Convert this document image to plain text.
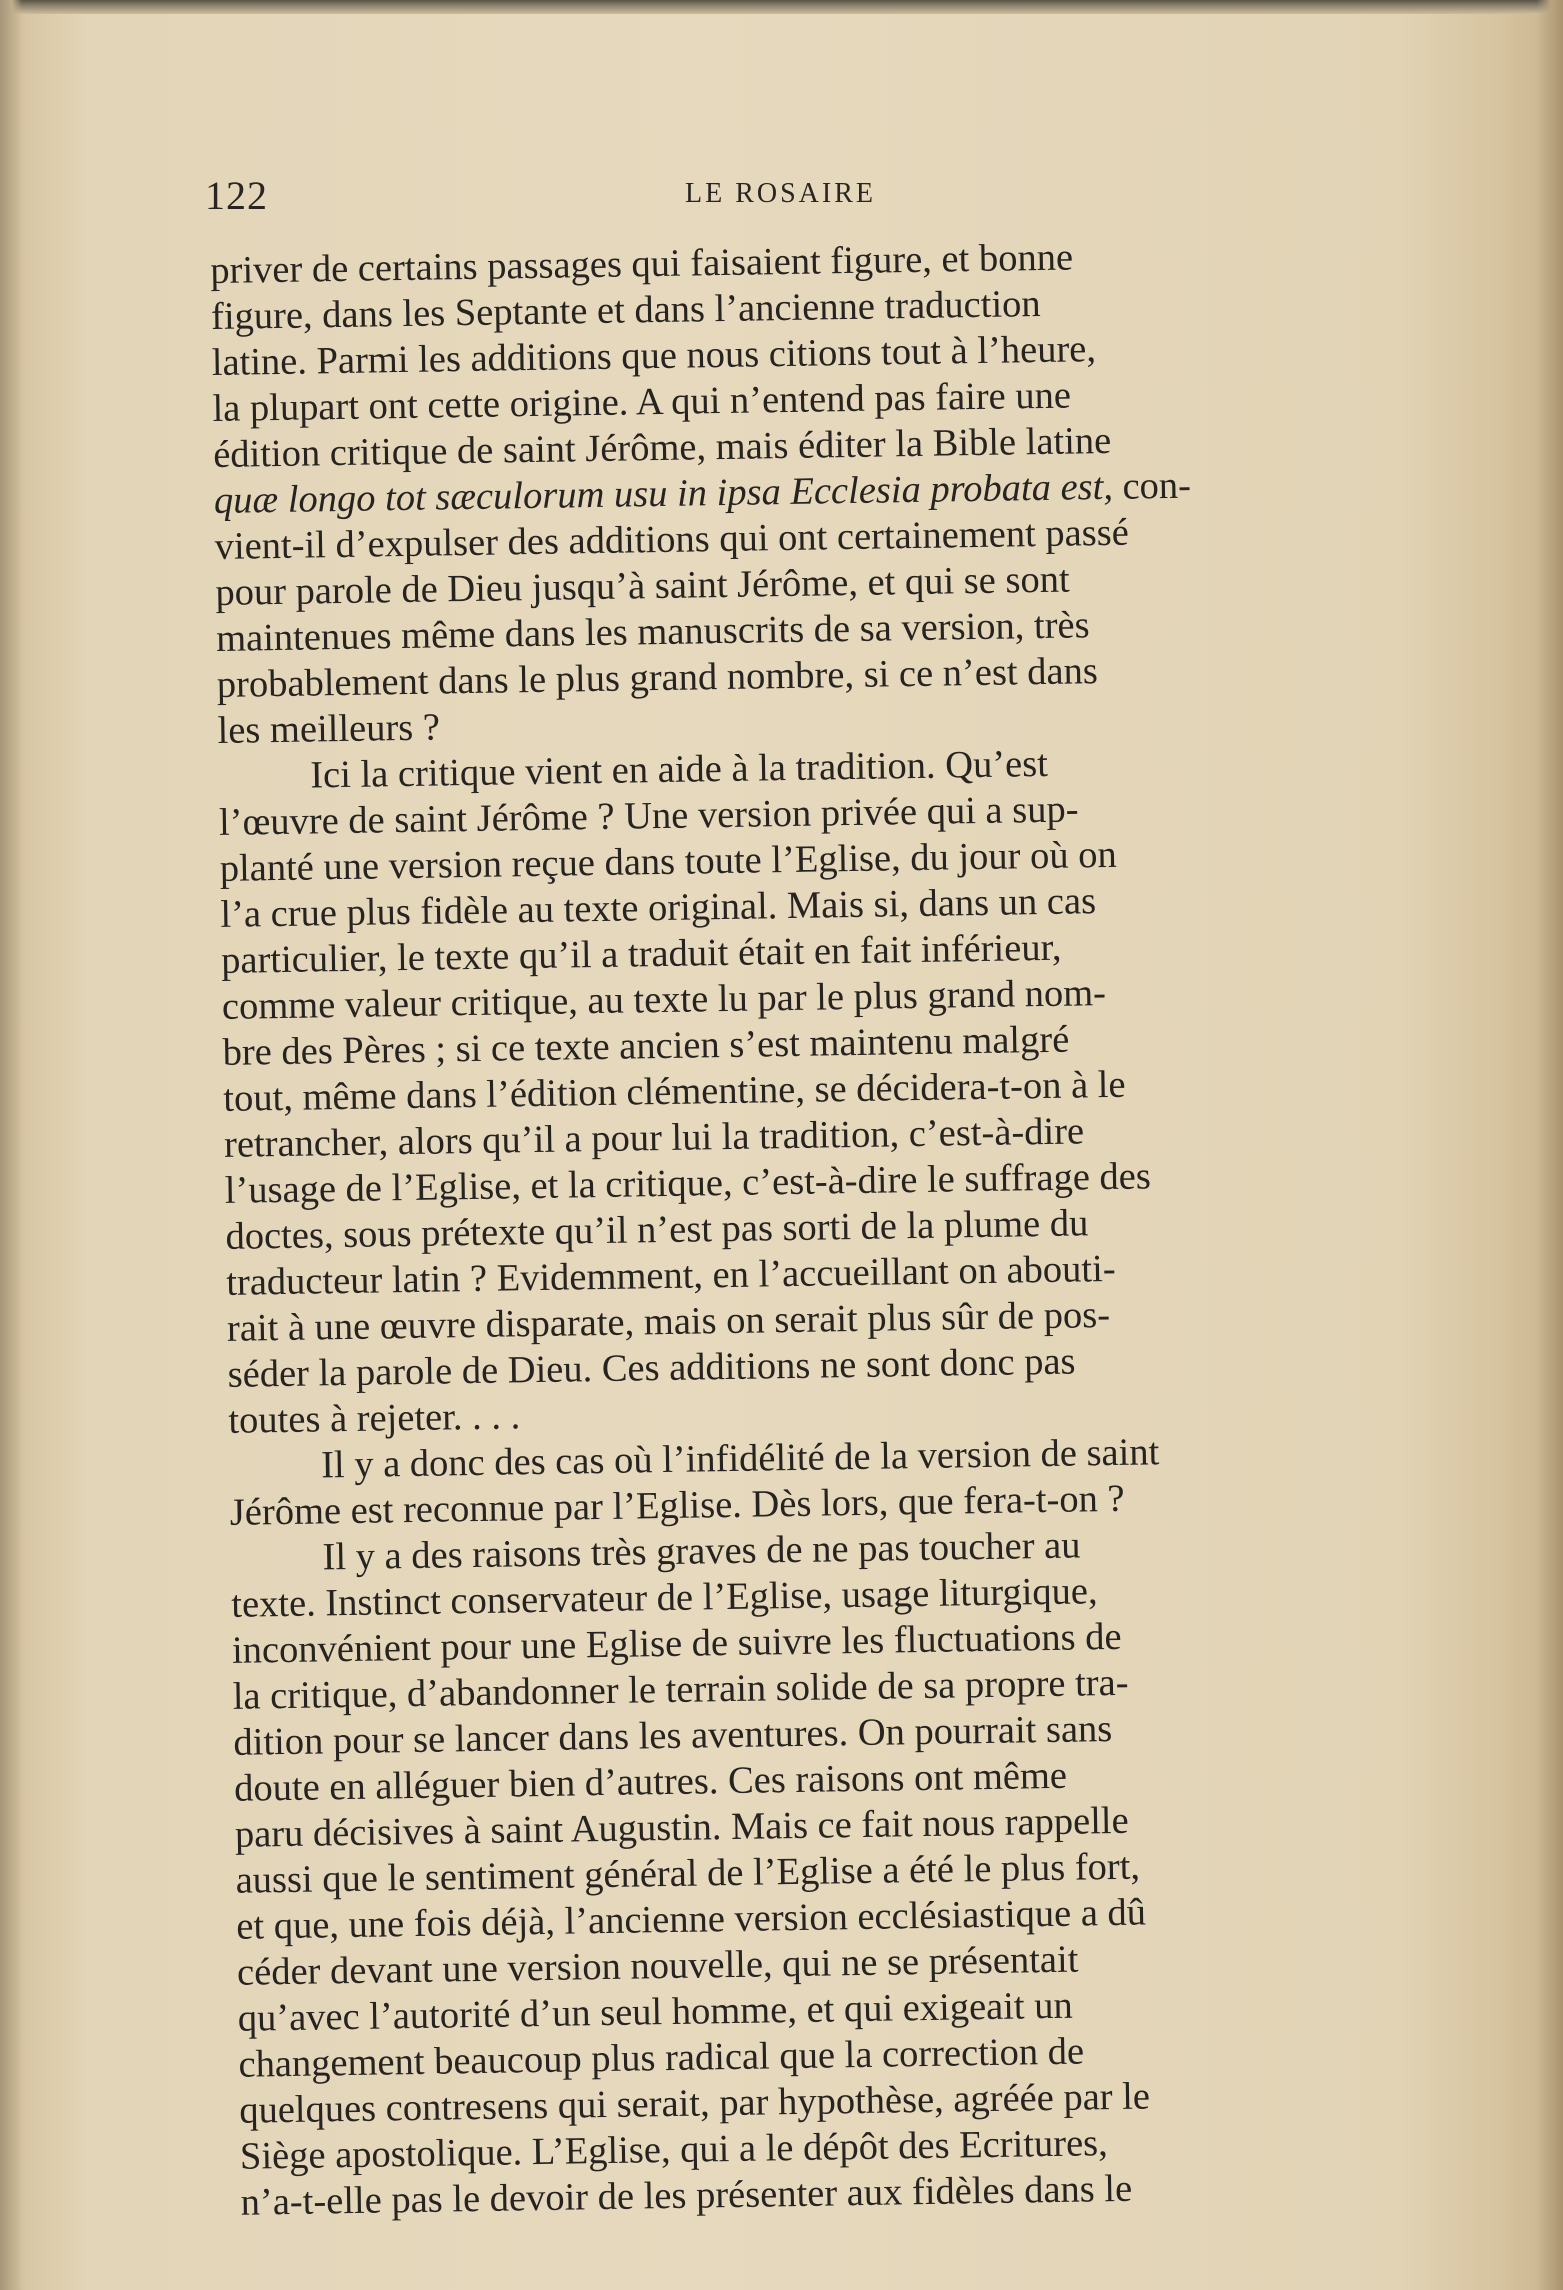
122	LE ROSAIRE
priver de certains passages qui faisaient figure, et bonne
figure, dans les Septante et dans l’ancienne traduction
latine. Parmi les additions que nous citions tout à l’heure,
la plupart ont cette origine. A qui n’entend pas faire une
édition critique de saint Jérôme, mais éditer la Bible latine
quæ longo tot sæculorum usu in ipsa Ecclesia probata est, con-
vient-il d’expulser des additions qui ont certainement passé
pour parole de Dieu jusqu’à saint Jérôme, et qui se sont
maintenues même dans les manuscrits de sa version, très
probablement dans le plus grand nombre, si ce n’est dans
les meilleurs ?
Ici la critique vient en aide à la tradition. Qu’est
l’œuvre de saint Jérôme ? Une version privée qui a sup-
planté une version reçue dans toute l’Eglise, du jour où on
l’a crue plus fidèle au texte original. Mais si, dans un cas
particulier, le texte qu’il a traduit était en fait inférieur,
comme valeur critique, au texte lu par le plus grand nom-
bre des Pères ; si ce texte ancien s’est maintenu malgré
tout, même dans l’édition clémentine, se décidera-t-on à le
retrancher, alors qu’il a pour lui la tradition, c’est-à-dire
l’usage de l’Eglise, et la critique, c’est-à-dire le suffrage des
doctes, sous prétexte qu’il n’est pas sorti de la plume du
traducteur latin ? Evidemment, en l’accueillant on abouti-
rait à une œuvre disparate, mais on serait plus sûr de pos-
séder la parole de Dieu. Ces additions ne sont donc pas
toutes à rejeter. . . .
Il y a donc des cas où l’infidélité de la version de saint
Jérôme est reconnue par l’Eglise. Dès lors, que fera-t-on ?
Il y a des raisons très graves de ne pas toucher au
texte. Instinct conservateur de l’Eglise, usage liturgique,
inconvénient pour une Eglise de suivre les fluctuations de
la critique, d’abandonner le terrain solide de sa propre tra-
dition pour se lancer dans les aventures. On pourrait sans
doute en alléguer bien d’autres. Ces raisons ont même
paru décisives à saint Augustin. Mais ce fait nous rappelle
aussi que le sentiment général de l’Eglise a été le plus fort,
et que, une fois déjà, l’ancienne version ecclésiastique a dû
céder devant une version nouvelle, qui ne se présentait
qu’avec l’autorité d’un seul homme, et qui exigeait un
changement beaucoup plus radical que la correction de
quelques contresens qui serait, par hypothèse, agréée par le
Siège apostolique. L’Eglise, qui a le dépôt des Ecritures,
n’a-t-elle pas le devoir de les présenter aux fidèles dans le
